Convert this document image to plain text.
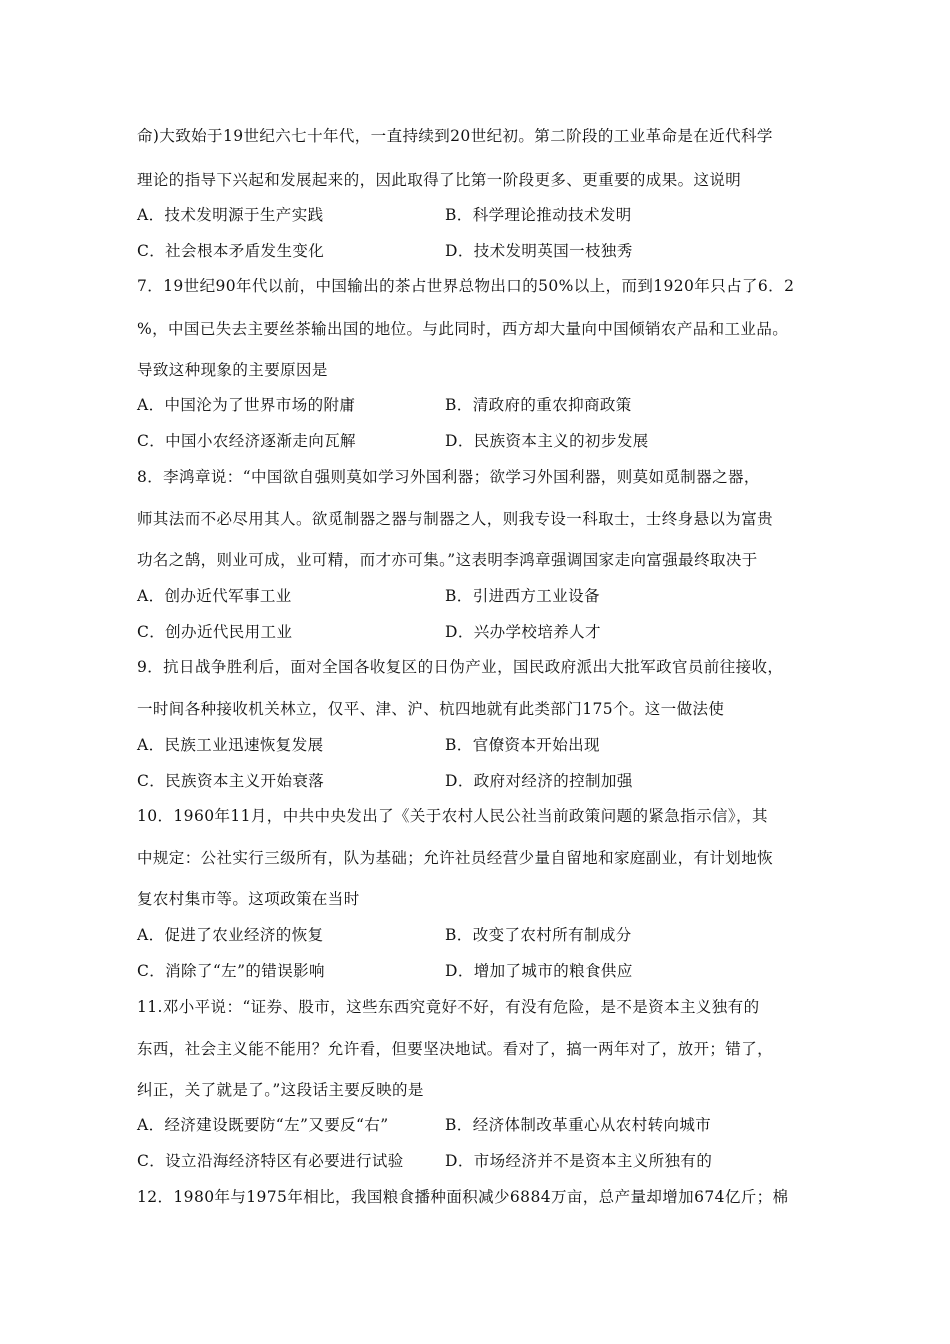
命)大致始于19世纪六七十年代，一直持续到20世纪初。第二阶段的工业革命是在近代科学
理论的指导下兴起和发展起来的，因此取得了比第一阶段更多、更重要的成果。这说明
A．技术发明源于生产实践	B．科学理论推动技术发明
C．社会根本矛盾发生变化	D．技术发明英国一枝独秀
7．19世纪90年代以前，中国输出的茶占世界总物出口的50%以上，而到1920年只占了6．2
%，中国已失去主要丝茶输出国的地位。与此同时，西方却大量向中国倾销农产品和工业品。
导致这种现象的主要原因是
A．中国沦为了世界市场的附庸	B．清政府的重农抑商政策
C．中国小农经济逐渐走向瓦解	D．民族资本主义的初步发展
8．李鸿章说：“中国欲自强则莫如学习外国利器；欲学习外国利器，则莫如觅制器之器，
师其法而不必尽用其人。欲觅制器之器与制器之人，则我专设一科取士，士终身悬以为富贵
功名之鹄，则业可成，业可精，而才亦可集。”这表明李鸿章强调国家走向富强最终取决于
A．创办近代军事工业	B．引进西方工业设备
C．创办近代民用工业	D．兴办学校培养人才
9．抗日战争胜利后，面对全国各收复区的日伪产业，国民政府派出大批军政官员前往接收，
一时间各种接收机关林立，仅平、津、沪、杭四地就有此类部门175个。这一做法使
A．民族工业迅速恢复发展	B．官僚资本开始出现
C．民族资本主义开始衰落	D．政府对经济的控制加强
10．1960年11月，中共中央发出了《关于农村人民公社当前政策问题的紧急指示信》，其
中规定：公社实行三级所有，队为基础；允许社员经营少量自留地和家庭副业，有计划地恢
复农村集市等。这项政策在当时
A．促进了农业经济的恢复	B．改变了农村所有制成分
C．消除了“左”的错误影响	D．增加了城市的粮食供应
11.邓小平说：“证券、股市，这些东西究竟好不好，有没有危险，是不是资本主义独有的
东西，社会主义能不能用？允许看，但要坚决地试。看对了，搞一两年对了，放开；错了，
纠正，关了就是了。”这段话主要反映的是
A．经济建设既要防“左”又要反“右”	B．经济体制改革重心从农村转向城市
C．设立沿海经济特区有必要进行试验	D．市场经济并不是资本主义所独有的
12．1980年与1975年相比，我国粮食播种面积减少6884万亩，总产量却增加674亿斤；棉
